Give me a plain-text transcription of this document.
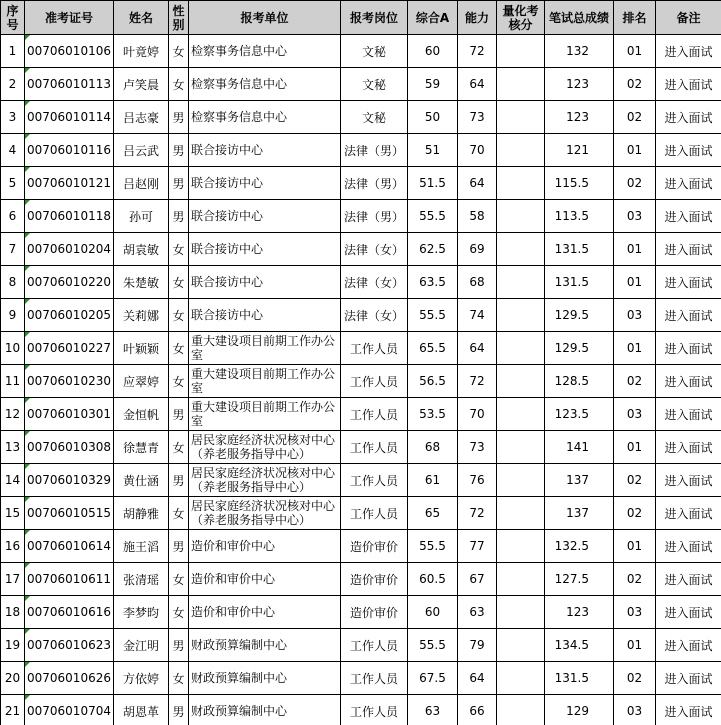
序号	准考证号	姓名	性别	报考单位	报考岗位	综合A	能力	量化考核分	笔试总成绩	排名	备注
1	00706010106	叶竟婷	女	检察事务信息中心	文秘	60	72		132	01	进入面试
2	00706010113	卢笑晨	女	检察事务信息中心	文秘	59	64		123	02	进入面试
3	00706010114	吕志豪	男	检察事务信息中心	文秘	50	73		123	02	进入面试
4	00706010116	吕云武	男	联合接访中心	法律（男）	51	70		121	01	进入面试
5	00706010121	吕赵刚	男	联合接访中心	法律（男）	51.5	64		115.5	02	进入面试
6	00706010118	孙可	男	联合接访中心	法律（男）	55.5	58		113.5	03	进入面试
7	00706010204	胡袁敏	女	联合接访中心	法律（女）	62.5	69		131.5	01	进入面试
8	00706010220	朱楚敏	女	联合接访中心	法律（女）	63.5	68		131.5	01	进入面试
9	00706010205	关莉娜	女	联合接访中心	法律（女）	55.5	74		129.5	03	进入面试
10	00706010227	叶颖颖	女	重大建设项目前期工作办公室	工作人员	65.5	64		129.5	01	进入面试
11	00706010230	应翠婷	女	重大建设项目前期工作办公室	工作人员	56.5	72		128.5	02	进入面试
12	00706010301	金恒帆	男	重大建设项目前期工作办公室	工作人员	53.5	70		123.5	03	进入面试
13	00706010308	徐慧青	女	居民家庭经济状况核对中心（养老服务指导中心）	工作人员	68	73		141	01	进入面试
14	00706010329	黄仕涵	男	居民家庭经济状况核对中心（养老服务指导中心）	工作人员	61	76		137	02	进入面试
15	00706010515	胡静雅	女	居民家庭经济状况核对中心（养老服务指导中心）	工作人员	65	72		137	02	进入面试
16	00706010614	施王滔	男	造价和审价中心	造价审价	55.5	77		132.5	01	进入面试
17	00706010611	张清瑶	女	造价和审价中心	造价审价	60.5	67		127.5	02	进入面试
18	00706010616	李梦昀	女	造价和审价中心	造价审价	60	63		123	03	进入面试
19	00706010623	金江明	男	财政预算编制中心	工作人员	55.5	79		134.5	01	进入面试
20	00706010626	方依婷	女	财政预算编制中心	工作人员	67.5	64		131.5	02	进入面试
21	00706010704	胡恩革	男	财政预算编制中心	工作人员	63	66		129	03	进入面试
